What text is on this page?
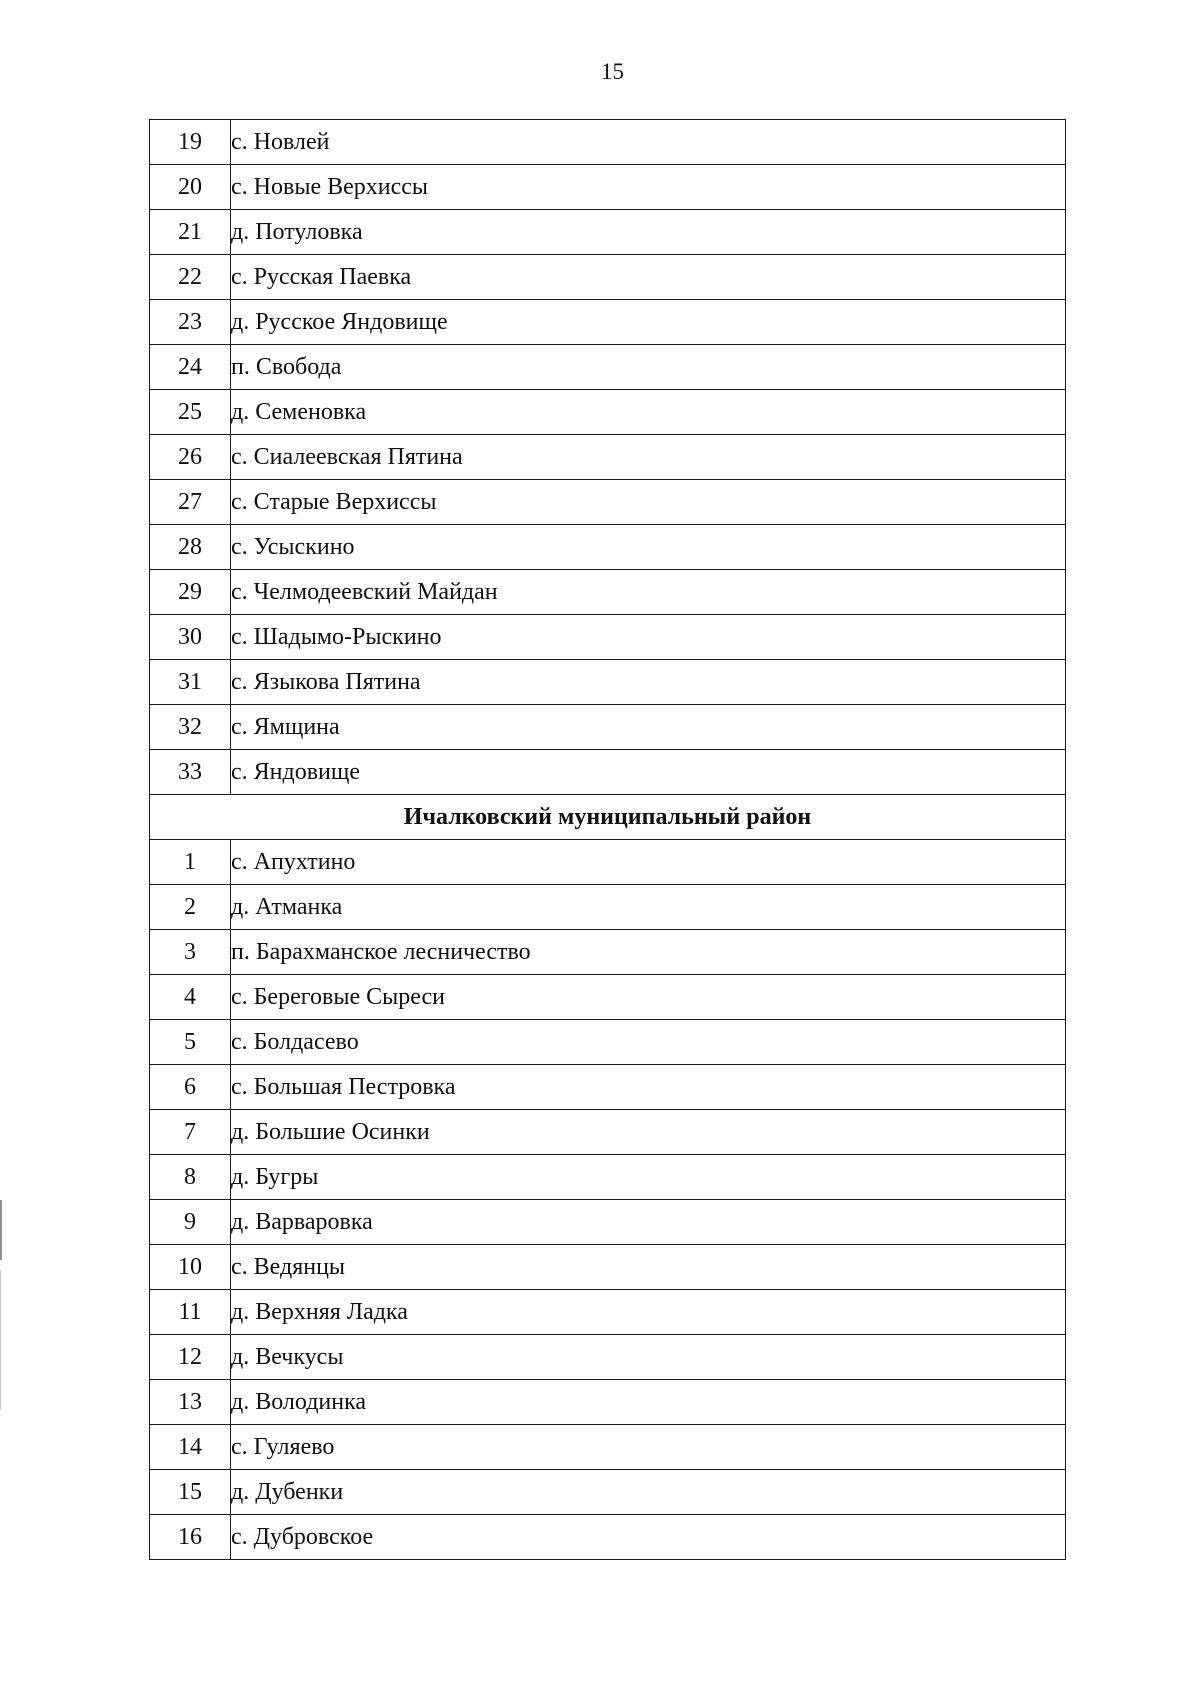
15
19	с. Новлей
20	с. Новые Верхиссы
21	д. Потуловка
22	с. Русская Паевка
23	д. Русское Яндовище
24	п. Свобода
25	д. Семеновка
26	с. Сиалеевская Пятина
27	с. Старые Верхиссы
28	с. Усыскино
29	с. Челмодеевский Майдан
30	с. Шадымо-Рыскино
31	с. Языкова Пятина
32	с. Ямщина
33	с. Яндовище
Ичалковский муниципальный район	
1	с. Апухтино
2	д. Атманка
3	п. Барахманское лесничество
4	с. Береговые Сыреси
5	с. Болдасево
6	с. Большая Пестровка
7	д. Большие Осинки
8	д. Бугры
9	д. Варваровка
10	с. Ведянцы
11	д. Верхняя Ладка
12	д. Вечкусы
13	д. Володинка
14	с. Гуляево
15	д. Дубенки
16	с. Дубровское
